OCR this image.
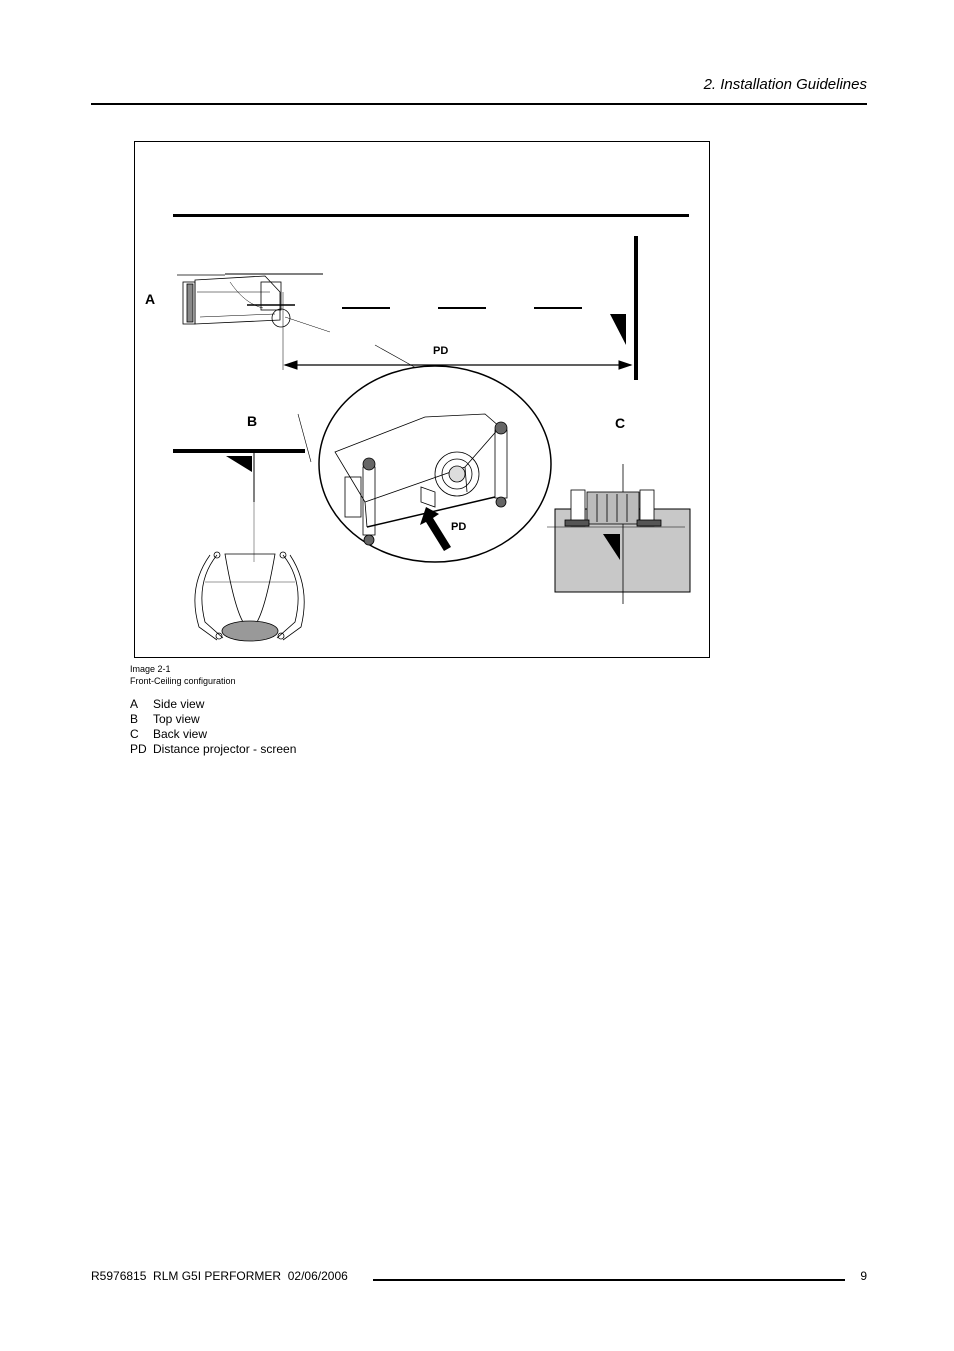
2. Installation Guidelines
A
B	C
PD
PD
Image 2-1
Front-Ceiling configuration
A	Side view
B	Top view
C	Back view
PD Distance projector - screen
R5976815  RLM G5I PERFORMER  02/06/2006	9
